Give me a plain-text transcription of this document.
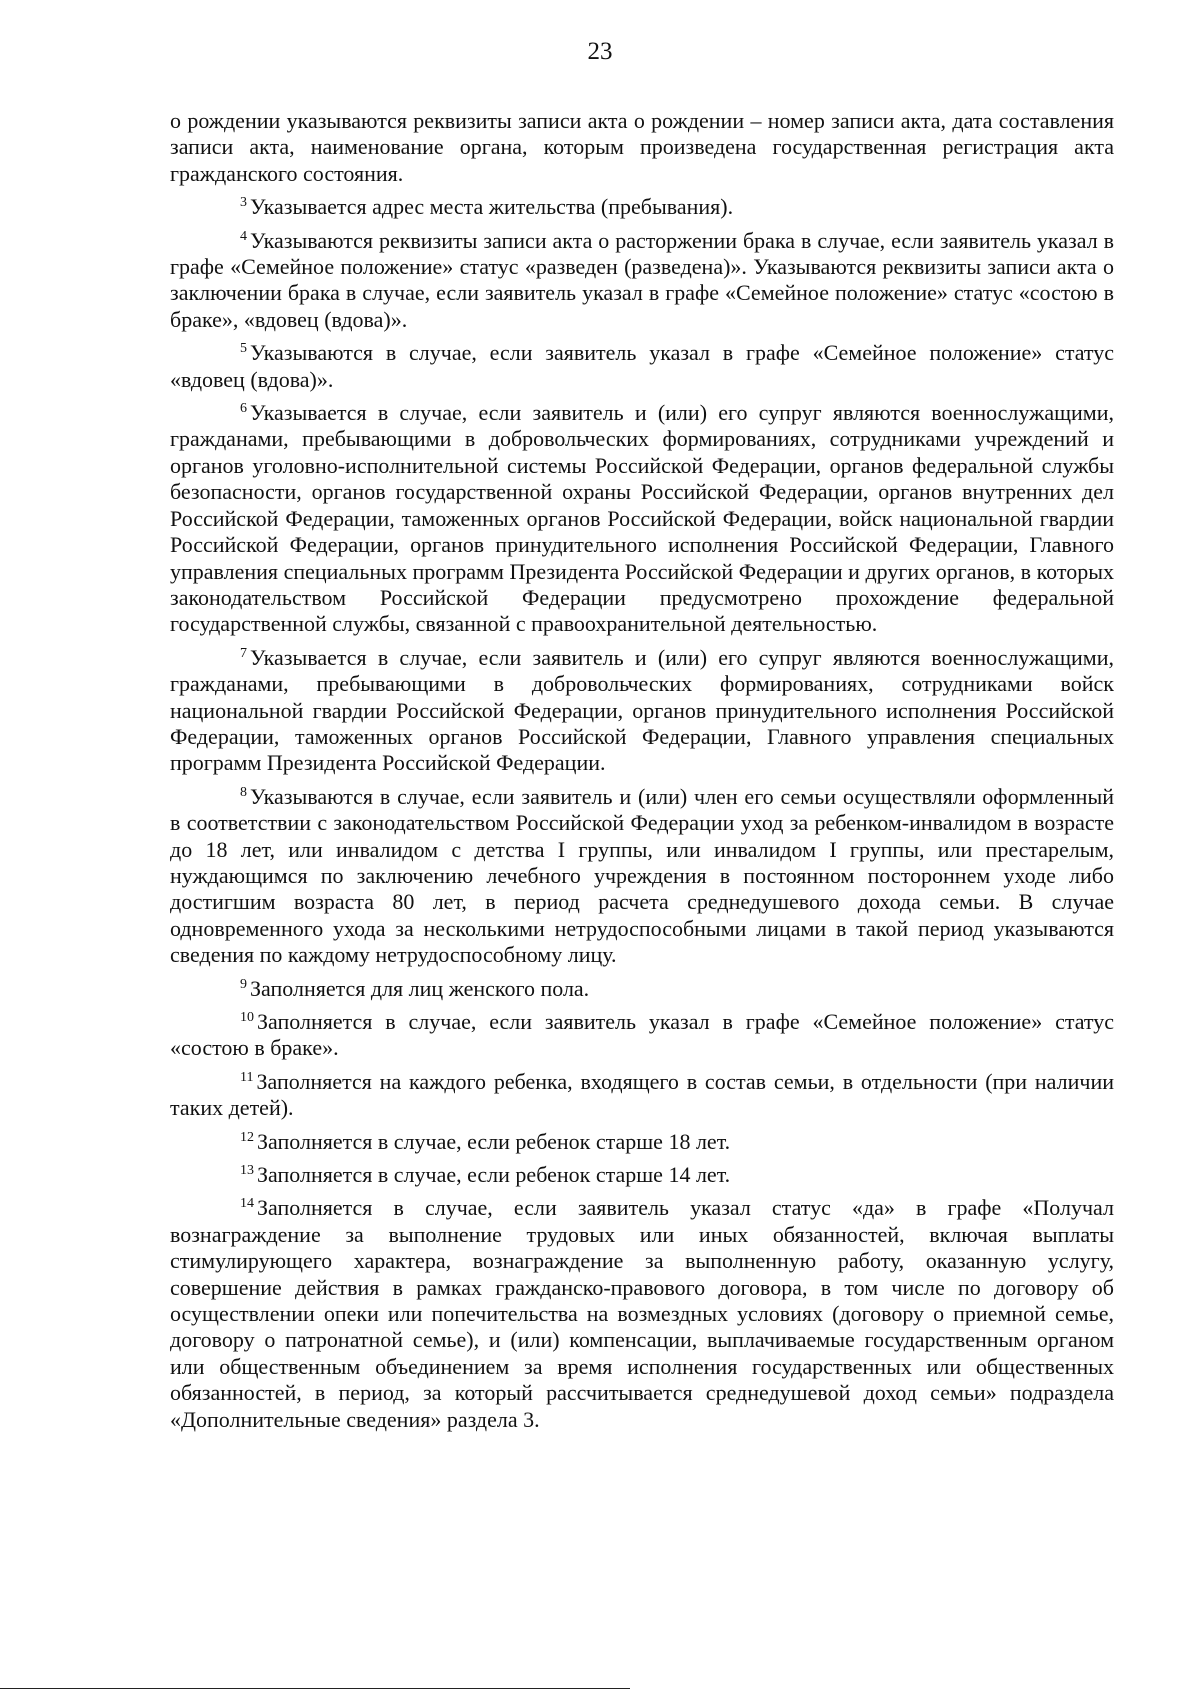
23

о рождении указываются реквизиты записи акта о рождении – номер записи акта, дата составления записи акта, наименование органа, которым произведена государственная регистрация акта гражданского состояния.

$^3$ Указывается адрес места жительства (пребывания).

$^4$ Указываются реквизиты записи акта о расторжении брака в случае, если заявитель указал в графе «Семейное положение» статус «разведен (разведена)». Указываются реквизиты записи акта о заключении брака в случае, если заявитель указал в графе «Семейное положение» статус «состою в браке», «вдовец (вдова)».

$^5$ Указываются в случае, если заявитель указал в графе «Семейное положение» статус «вдовец (вдова)».

$^6$ Указывается в случае, если заявитель и (или) его супруг являются военнослужащими, гражданами, пребывающими в добровольческих формированиях, сотрудниками учреждений и органов уголовно-исполнительной системы Российской Федерации, органов федеральной службы безопасности, органов государственной охраны Российской Федерации, органов внутренних дел Российской Федерации, таможенных органов Российской Федерации, войск национальной гвардии Российской Федерации, органов принудительного исполнения Российской Федерации, Главного управления специальных программ Президента Российской Федерации и других органов, в которых законодательством Российской Федерации предусмотрено прохождение федеральной государственной службы, связанной с правоохранительной деятельностью.

$^7$ Указывается в случае, если заявитель и (или) его супруг являются военнослужащими, гражданами, пребывающими в добровольческих формированиях, сотрудниками войск национальной гвардии Российской Федерации, органов принудительного исполнения Российской Федерации, таможенных органов Российской Федерации, Главного управления специальных программ Президента Российской Федерации.

$^8$ Указываются в случае, если заявитель и (или) член его семьи осуществляли оформленный в соответствии с законодательством Российской Федерации уход за ребенком-инвалидом в возрасте до 18 лет, или инвалидом с детства I группы, или инвалидом I группы, или престарелым, нуждающимся по заключению лечебного учреждения в постоянном постороннем уходе либо достигшим возраста 80 лет, в период расчета среднедушевого дохода семьи. В случае одновременного ухода за несколькими нетрудоспособными лицами в такой период указываются сведения по каждому нетрудоспособному лицу.

$^9$ Заполняется для лиц женского пола.

$^{10}$ Заполняется в случае, если заявитель указал в графе «Семейное положение» статус «состою в браке».

$^{11}$ Заполняется на каждого ребенка, входящего в состав семьи, в отдельности (при наличии таких детей).

$^{12}$ Заполняется в случае, если ребенок старше 18 лет.

$^{13}$ Заполняется в случае, если ребенок старше 14 лет.

$^{14}$ Заполняется в случае, если заявитель указал статус «да» в графе «Получал вознаграждение за выполнение трудовых или иных обязанностей, включая выплаты стимулирующего характера, вознаграждение за выполненную работу, оказанную услугу, совершение действия в рамках гражданско-правового договора, в том числе по договору об осуществлении опеки или попечительства на возмездных условиях (договору о приемной семье, договору о патронатной семье), и (или) компенсации, выплачиваемые государственным органом или общественным объединением за время исполнения государственных или общественных обязанностей, в период, за который рассчитывается среднедушевой доход семьи» подраздела «Дополнительные сведения» раздела 3.
